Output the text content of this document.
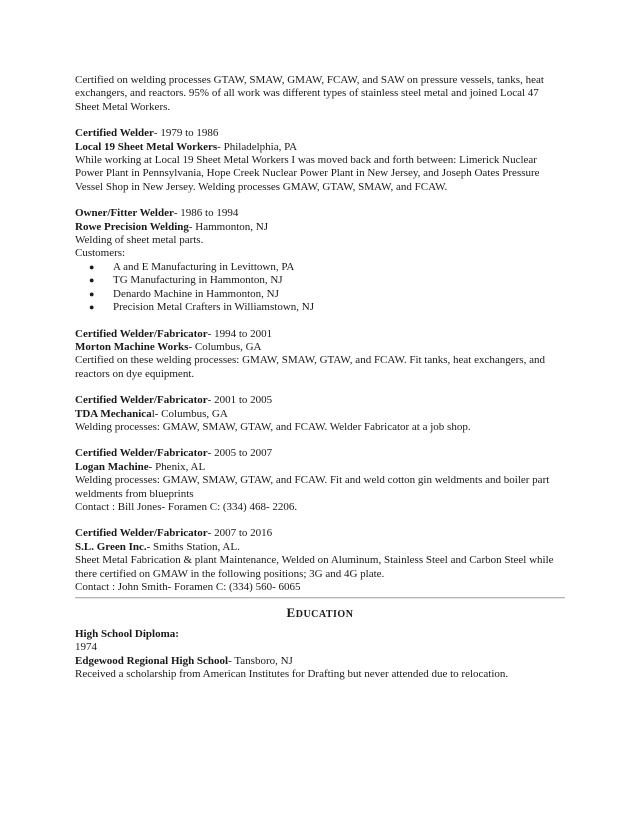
Certified on welding processes GTAW, SMAW, GMAW, FCAW, and SAW on pressure vessels, tanks, heat exchangers, and reactors. 95% of all work was different types of stainless steel metal and joined Local 47 Sheet Metal Workers.

Certified Welder- 1979 to 1986

Local 19 Sheet Metal Workers- Philadelphia, PA

While working at Local 19 Sheet Metal Workers I was moved back and forth between: Limerick Nuclear Power Plant in Pennsylvania, Hope Creek Nuclear Power Plant in New Jersey, and Joseph Oates Pressure Vessel Shop in New Jersey. Welding processes GMAW, GTAW, SMAW, and FCAW.

Owner/Fitter Welder- 1986 to 1994

Rowe Precision Welding- Hammonton, NJ

Welding of sheet metal parts.

Customers:

● A and E Manufacturing in Levittown, PA
● TG Manufacturing in Hammonton, NJ
● Denardo Machine in Hammonton, NJ
● Precision Metal Crafters in Williamstown, NJ

Certified Welder/Fabricator- 1994 to 2001

Morton Machine Works- Columbus, GA

Certified on these welding processes: GMAW, SMAW, GTAW, and FCAW. Fit tanks, heat exchangers, and reactors on dye equipment.

Certified Welder/Fabricator- 2001 to 2005

TDA Mechanical- Columbus, GA

Welding processes: GMAW, SMAW, GTAW, and FCAW. Welder Fabricator at a job shop.

Certified Welder/Fabricator- 2005 to 2007

Logan Machine- Phenix, AL

Welding processes: GMAW, SMAW, GTAW, and FCAW. Fit and weld cotton gin weldments and boiler part weldments from blueprints

Contact : Bill Jones- Foramen C: (334) 468- 2206.

Certified Welder/Fabricator- 2007 to 2016

S.L. Green Inc.- Smiths Station, AL.

Sheet Metal Fabrication & plant Maintenance, Welded on Aluminum, Stainless Steel and Carbon Steel while there certified on GMAW in the following positions; 3G and 4G plate.

Contact : John Smith- Foramen C: (334) 560- 6065

EDUCATION

High School Diploma:

1974

Edgewood Regional High School- Tansboro, NJ

Received a scholarship from American Institutes for Drafting but never attended due to relocation.
